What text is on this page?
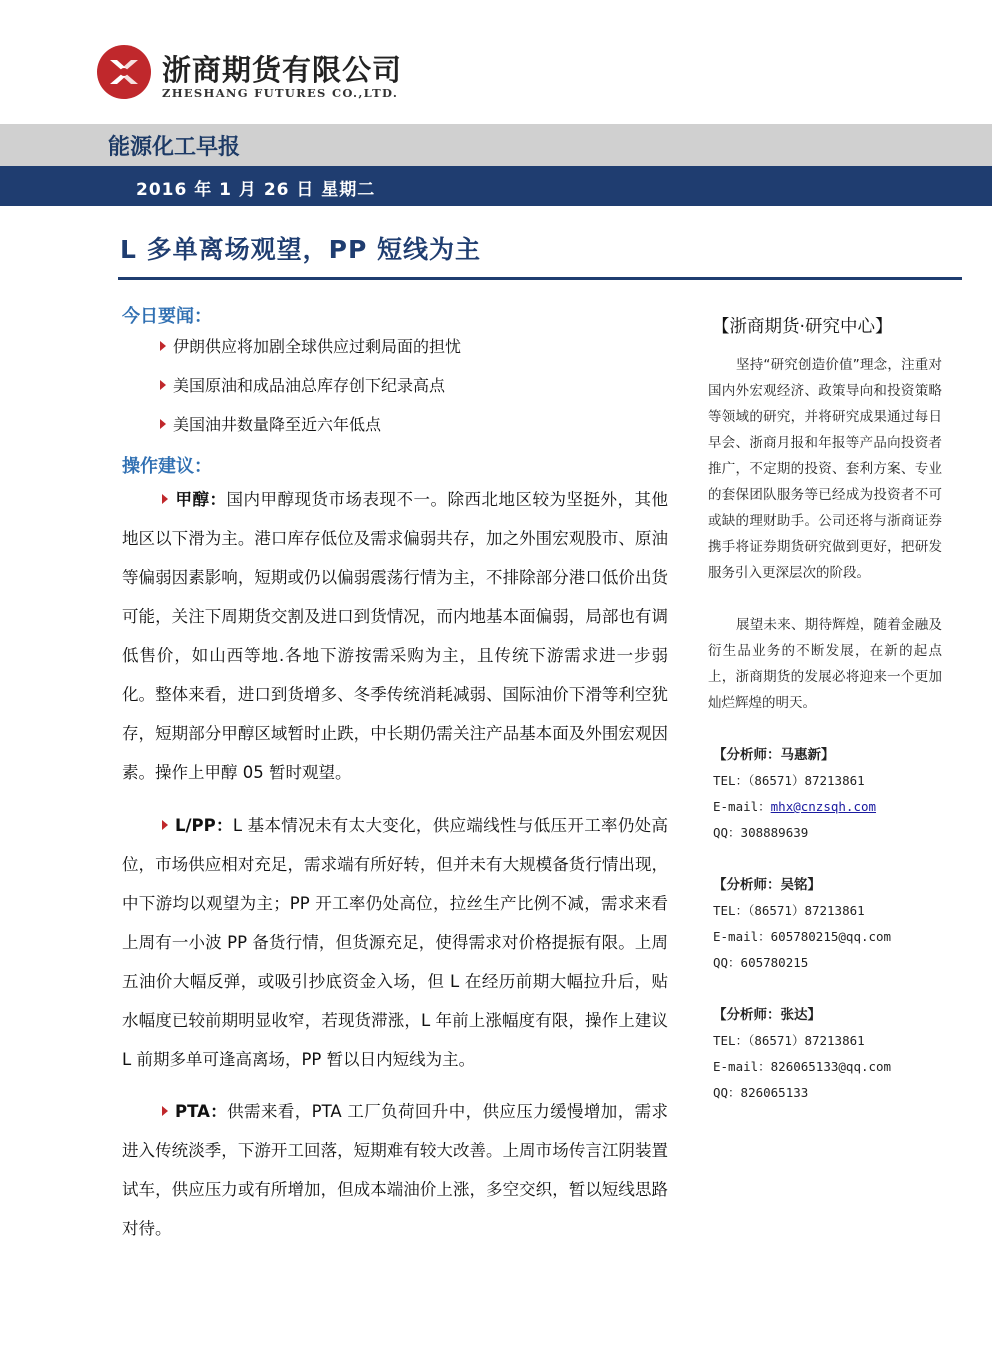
浙商期货有限公司
ZHESHANG FUTURES CO.,LTD.
能源化工早报
2016 年 1 月 26 日 星期二
L 多单离场观望，PP 短线为主
今日要闻：
伊朗供应将加剧全球供应过剩局面的担忧
美国原油和成品油总库存创下纪录高点
美国油井数量降至近六年低点
操作建议：
甲醇：国内甲醇现货市场表现不一。除西北地区较为坚挺外，其他地区以下滑为主。港口库存低位及需求偏弱共存，加之外围宏观股市、原油等偏弱因素影响，短期或仍以偏弱震荡行情为主，不排除部分港口低价出货可能，关注下周期货交割及进口到货情况，而内地基本面偏弱，局部也有调低售价，如山西等地.各地下游按需采购为主，且传统下游需求进一步弱化。整体来看，进口到货增多、冬季传统消耗减弱、国际油价下滑等利空犹存，短期部分甲醇区域暂时止跌，中长期仍需关注产品基本面及外围宏观因素。操作上甲醇 05 暂时观望。
L/PP：L 基本情况未有太大变化，供应端线性与低压开工率仍处高位，市场供应相对充足，需求端有所好转，但并未有大规模备货行情出现，中下游均以观望为主；PP 开工率仍处高位，拉丝生产比例不减，需求来看上周有一小波 PP 备货行情，但货源充足，使得需求对价格提振有限。上周五油价大幅反弹，或吸引抄底资金入场，但 L 在经历前期大幅拉升后，贴水幅度已较前期明显收窄，若现货滞涨，L 年前上涨幅度有限，操作上建议 L 前期多单可逢高离场，PP 暂以日内短线为主。
PTA：供需来看，PTA 工厂负荷回升中，供应压力缓慢增加，需求进入传统淡季，下游开工回落，短期难有较大改善。上周市场传言江阴装置试车，供应压力或有所增加，但成本端油价上涨，多空交织，暂以短线思路对待。
【浙商期货·研究中心】
坚持“研究创造价值”理念，注重对国内外宏观经济、政策导向和投资策略等领域的研究，并将研究成果通过每日早会、浙商月报和年报等产品向投资者推广，不定期的投资、套利方案、专业的套保团队服务等已经成为投资者不可或缺的理财助手。公司还将与浙商证券携手将证券期货研究做到更好，把研发服务引入更深层次的阶段。
展望未来、期待辉煌，随着金融及衍生品业务的不断发展，在新的起点上，浙商期货的发展必将迎来一个更加灿烂辉煌的明天。
【分析师：马惠新】
TEL：（86571）87213861
E-mail：mhx@cnzsqh.com
QQ：308889639
【分析师：吴铭】
TEL：（86571）87213861
E-mail：605780215@qq.com
QQ：605780215
【分析师：张达】
TEL：（86571）87213861
E-mail：826065133@qq.com
QQ：826065133
